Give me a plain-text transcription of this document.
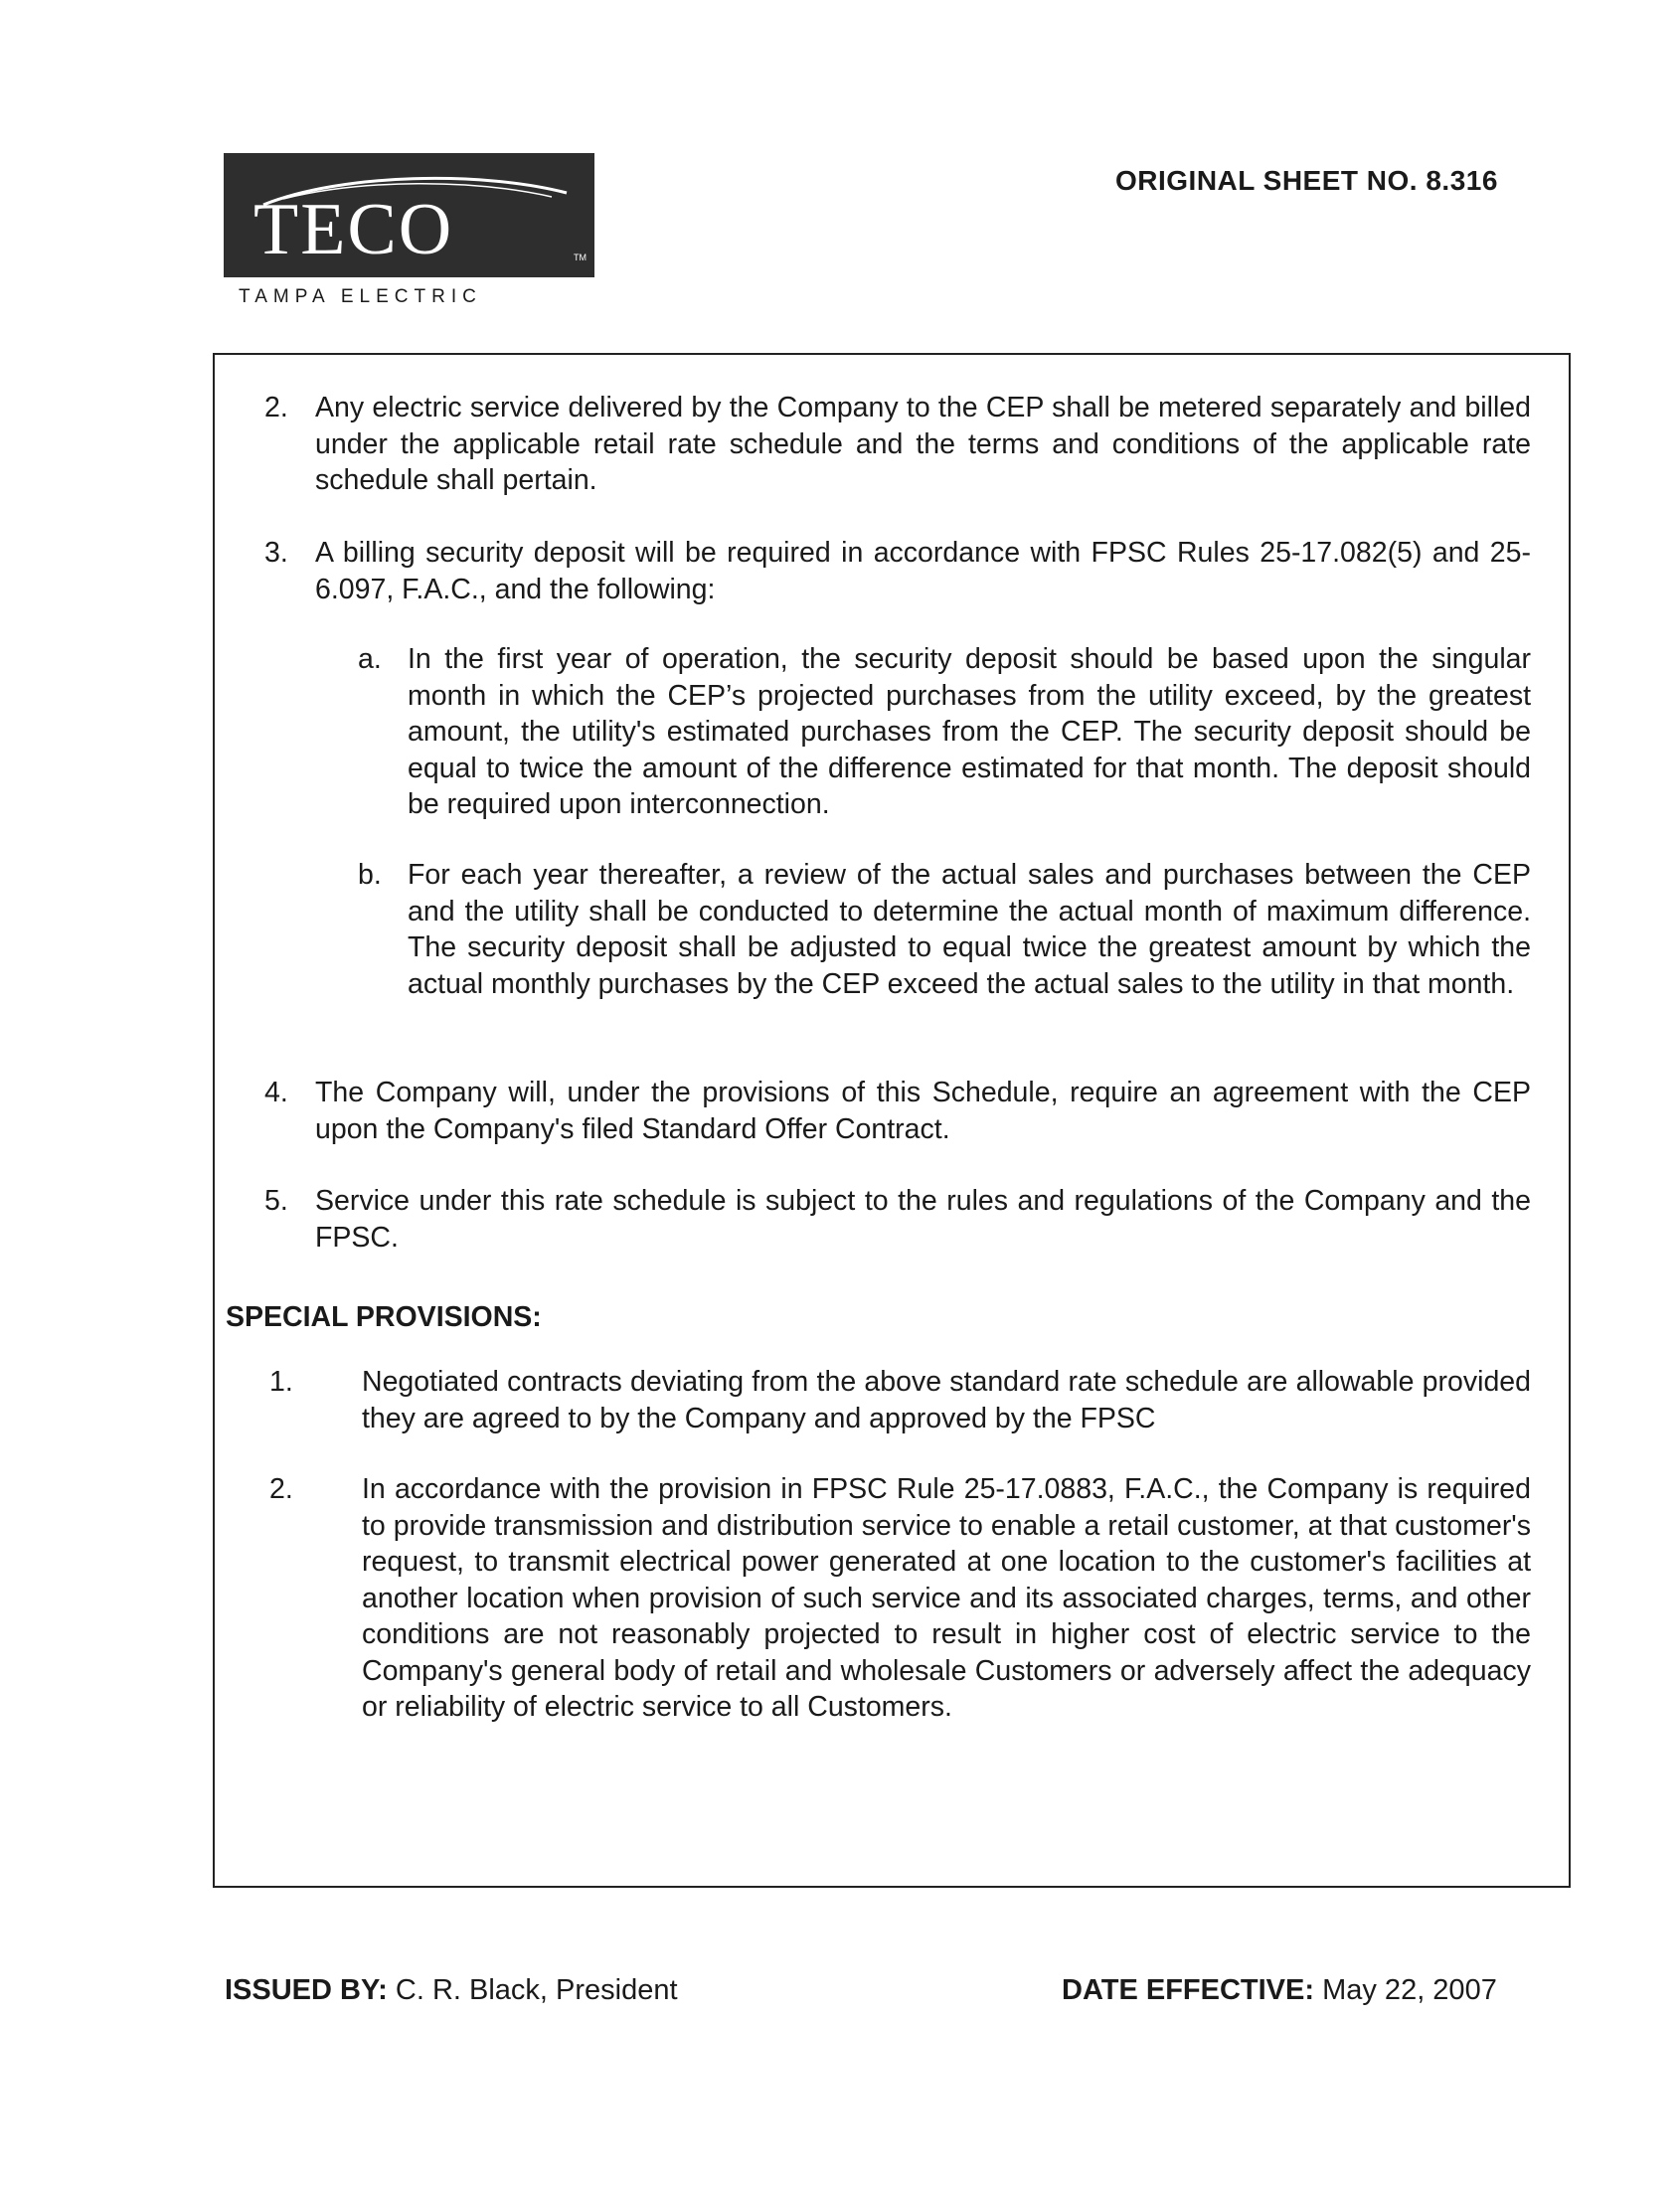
TECO	TM
TAMPA ELECTRIC
ORIGINAL SHEET NO. 8.316
2. Any electric service delivered by the Company to the CEP shall be metered separately and billed under the applicable retail rate schedule and the terms and conditions of the applicable rate schedule shall pertain.
3. A billing security deposit will be required in accordance with FPSC Rules 25-17.082(5) and 25-6.097, F.A.C., and the following:
a. In the first year of operation, the security deposit should be based upon the singular month in which the CEP’s projected purchases from the utility exceed, by the greatest amount, the utility's estimated purchases from the CEP. The security deposit should be equal to twice the amount of the difference estimated for that month. The deposit should be required upon interconnection.
b. For each year thereafter, a review of the actual sales and purchases between the CEP and the utility shall be conducted to determine the actual month of maximum difference. The security deposit shall be adjusted to equal twice the greatest amount by which the actual monthly purchases by the CEP exceed the actual sales to the utility in that month.
4. The Company will, under the provisions of this Schedule, require an agreement with the CEP upon the Company's filed Standard Offer Contract.
5. Service under this rate schedule is subject to the rules and regulations of the Company and the FPSC.
SPECIAL PROVISIONS:
1. Negotiated contracts deviating from the above standard rate schedule are allowable provided they are agreed to by the Company and approved by the FPSC
2. In accordance with the provision in FPSC Rule 25-17.0883, F.A.C., the Company is required to provide transmission and distribution service to enable a retail customer, at that customer's request, to transmit electrical power generated at one location to the customer's facilities at another location when provision of such service and its associated charges, terms, and other conditions are not reasonably projected to result in higher cost of electric service to the Company's general body of retail and wholesale Customers or adversely affect the adequacy or reliability of electric service to all Customers.
ISSUED BY: C. R. Black, President	DATE EFFECTIVE: May 22, 2007
